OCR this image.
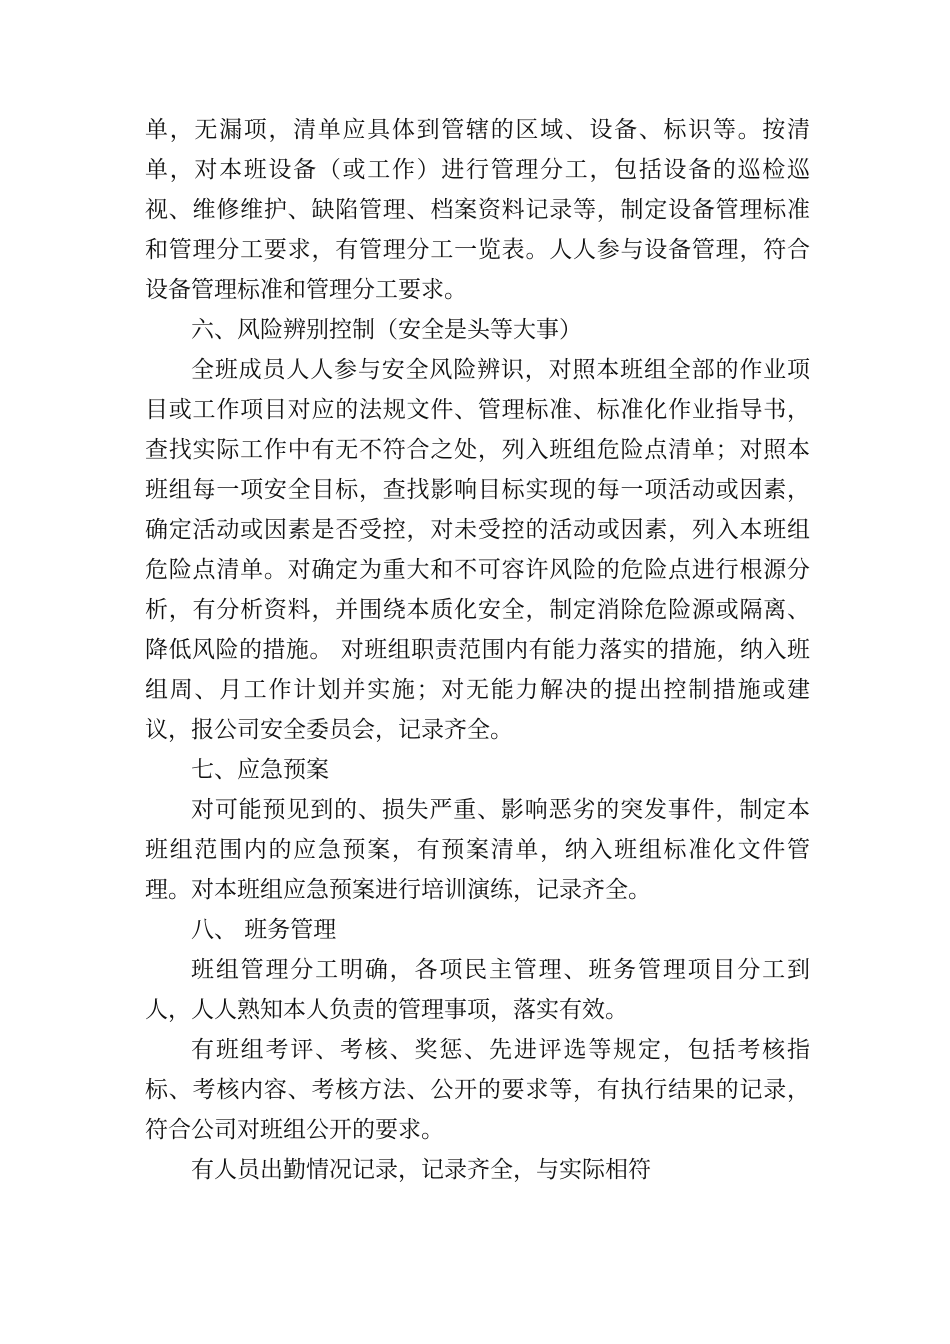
单，无漏项，清单应具体到管辖的区域、设备、标识等。按清单，对本班设备（或工作）进行管理分工，包括设备的巡检巡视、维修维护、缺陷管理、档案资料记录等，制定设备管理标准和管理分工要求，有管理分工一览表。人人参与设备管理，符合设备管理标准和管理分工要求。

六、风险辨别控制（安全是头等大事）

全班成员人人参与安全风险辨识，对照本班组全部的作业项目或工作项目对应的法规文件、管理标准、标准化作业指导书，查找实际工作中有无不符合之处，列入班组危险点清单；对照本班组每一项安全目标，查找影响目标实现的每一项活动或因素，确定活动或因素是否受控，对未受控的活动或因素，列入本班组危险点清单。对确定为重大和不可容许风险的危险点进行根源分析，有分析资料，并围绕本质化安全，制定消除危险源或隔离、降低风险的措施。 对班组职责范围内有能力落实的措施，纳入班组周、月工作计划并实施；对无能力解决的提出控制措施或建议，报公司安全委员会，记录齐全。

七、应急预案

对可能预见到的、损失严重、影响恶劣的突发事件，制定本班组范围内的应急预案，有预案清单，纳入班组标准化文件管理。对本班组应急预案进行培训演练，记录齐全。

八、 班务管理

班组管理分工明确，各项民主管理、班务管理项目分工到人，人人熟知本人负责的管理事项，落实有效。

有班组考评、考核、奖惩、先进评选等规定，包括考核指标、考核内容、考核方法、公开的要求等，有执行结果的记录，符合公司对班组公开的要求。

有人员出勤情况记录，记录齐全，与实际相符
